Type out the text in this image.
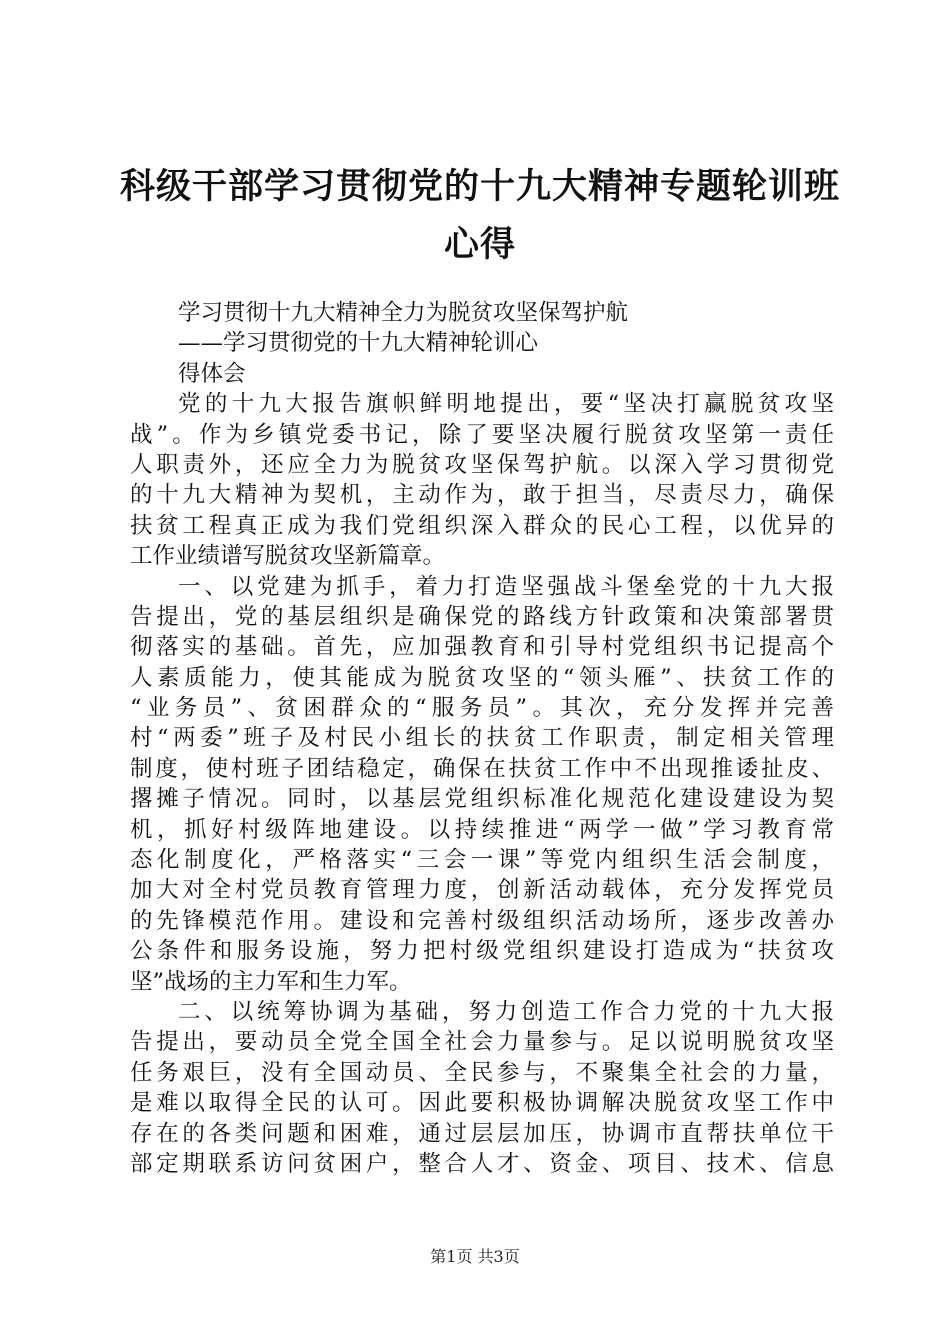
科级干部学习贯彻党的十九大精神专题轮训班
心得
学习贯彻十九大精神全力为脱贫攻坚保驾护航
——学习贯彻党的十九大精神轮训心
得体会
党的十九大报告旗帜鲜明地提出，要“坚决打赢脱贫攻坚
战”。作为乡镇党委书记，除了要坚决履行脱贫攻坚第一责任
人职责外，还应全力为脱贫攻坚保驾护航。以深入学习贯彻党
的十九大精神为契机，主动作为，敢于担当，尽责尽力，确保
扶贫工程真正成为我们党组织深入群众的民心工程，以优异的
工作业绩谱写脱贫攻坚新篇章。
一、以党建为抓手，着力打造坚强战斗堡垒党的十九大报
告提出，党的基层组织是确保党的路线方针政策和决策部署贯
彻落实的基础。首先，应加强教育和引导村党组织书记提高个
人素质能力，使其能成为脱贫攻坚的“领头雁”、扶贫工作的
“业务员”、贫困群众的“服务员”。其次，充分发挥并完善
村“两委”班子及村民小组长的扶贫工作职责，制定相关管理
制度，使村班子团结稳定，确保在扶贫工作中不出现推诿扯皮、
撂摊子情况。同时，以基层党组织标准化规范化建设建设为契
机，抓好村级阵地建设。以持续推进“两学一做”学习教育常
态化制度化，严格落实“三会一课”等党内组织生活会制度，
加大对全村党员教育管理力度，创新活动载体，充分发挥党员
的先锋模范作用。建设和完善村级组织活动场所，逐步改善办
公条件和服务设施，努力把村级党组织建设打造成为“扶贫攻
坚”战场的主力军和生力军。
二、以统筹协调为基础，努力创造工作合力党的十九大报
告提出，要动员全党全国全社会力量参与。足以说明脱贫攻坚
任务艰巨，没有全国动员、全民参与，不聚集全社会的力量，
是难以取得全民的认可。因此要积极协调解决脱贫攻坚工作中
存在的各类问题和困难，通过层层加压，协调市直帮扶单位干
部定期联系访问贫困户，整合人才、资金、项目、技术、信息
第1页 共3页
